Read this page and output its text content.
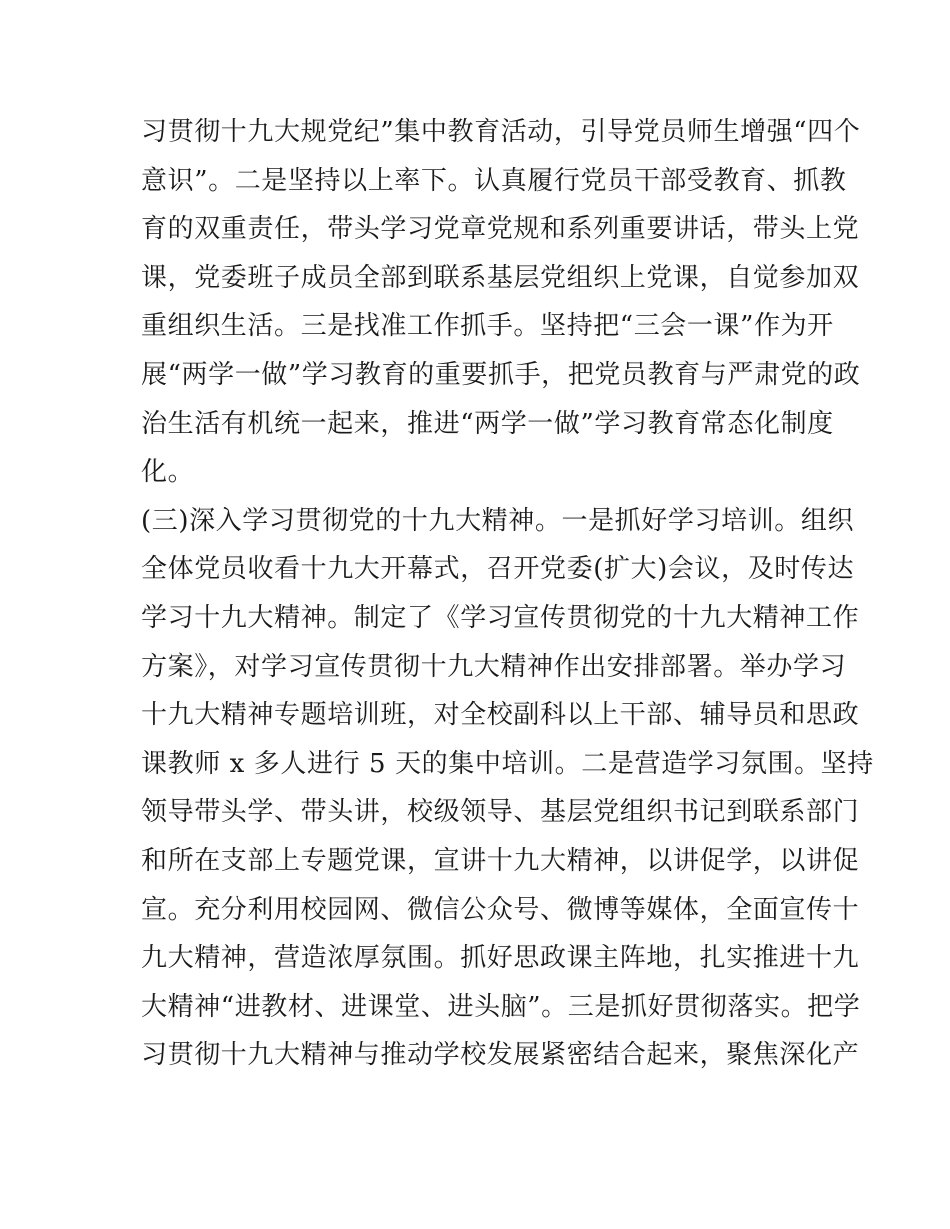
习贯彻十九大规党纪”集中教育活动，引导党员师生增强“四个
意识”。二是坚持以上率下。认真履行党员干部受教育、抓教
育的双重责任，带头学习党章党规和系列重要讲话，带头上党
课，党委班子成员全部到联系基层党组织上党课，自觉参加双
重组织生活。三是找准工作抓手。坚持把“三会一课”作为开
展“两学一做”学习教育的重要抓手，把党员教育与严肃党的政
治生活有机统一起来，推进“两学一做”学习教育常态化制度
化。
(三)深入学习贯彻党的十九大精神。一是抓好学习培训。组织
全体党员收看十九大开幕式，召开党委(扩大)会议，及时传达
学习十九大精神。制定了《学习宣传贯彻党的十九大精神工作
方案》，对学习宣传贯彻十九大精神作出安排部署。举办学习
十九大精神专题培训班，对全校副科以上干部、辅导员和思政
课教师 x 多人进行 5 天的集中培训。二是营造学习氛围。坚持
领导带头学、带头讲，校级领导、基层党组织书记到联系部门
和所在支部上专题党课，宣讲十九大精神，以讲促学，以讲促
宣。充分利用校园网、微信公众号、微博等媒体，全面宣传十
九大精神，营造浓厚氛围。抓好思政课主阵地，扎实推进十九
大精神“进教材、进课堂、进头脑”。三是抓好贯彻落实。把学
习贯彻十九大精神与推动学校发展紧密结合起来，聚焦深化产
